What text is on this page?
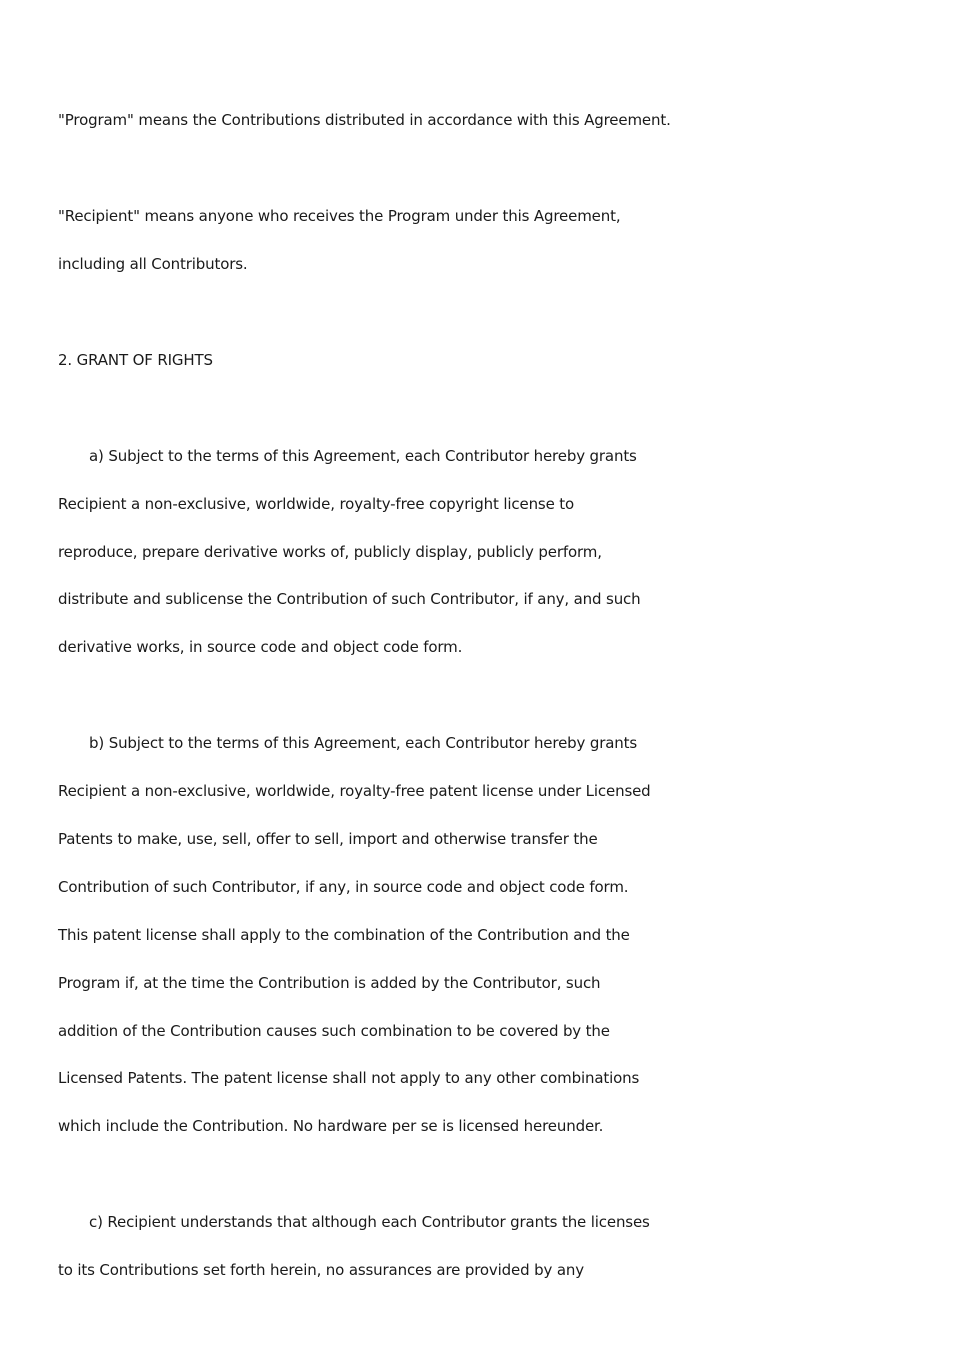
"Program" means the Contributions distributed in accordance with this Agreement.
"Recipient" means anyone who receives the Program under this Agreement,
including all Contributors.
2. GRANT OF RIGHTS
a) Subject to the terms of this Agreement, each Contributor hereby grants
Recipient a non-exclusive, worldwide, royalty-free copyright license to
reproduce, prepare derivative works of, publicly display, publicly perform,
distribute and sublicense the Contribution of such Contributor, if any, and such
derivative works, in source code and object code form.
b) Subject to the terms of this Agreement, each Contributor hereby grants
Recipient a non-exclusive, worldwide, royalty-free patent license under Licensed
Patents to make, use, sell, offer to sell, import and otherwise transfer the
Contribution of such Contributor, if any, in source code and object code form.
This patent license shall apply to the combination of the Contribution and the
Program if, at the time the Contribution is added by the Contributor, such
addition of the Contribution causes such combination to be covered by the
Licensed Patents. The patent license shall not apply to any other combinations
which include the Contribution. No hardware per se is licensed hereunder.
c) Recipient understands that although each Contributor grants the licenses
to its Contributions set forth herein, no assurances are provided by any
